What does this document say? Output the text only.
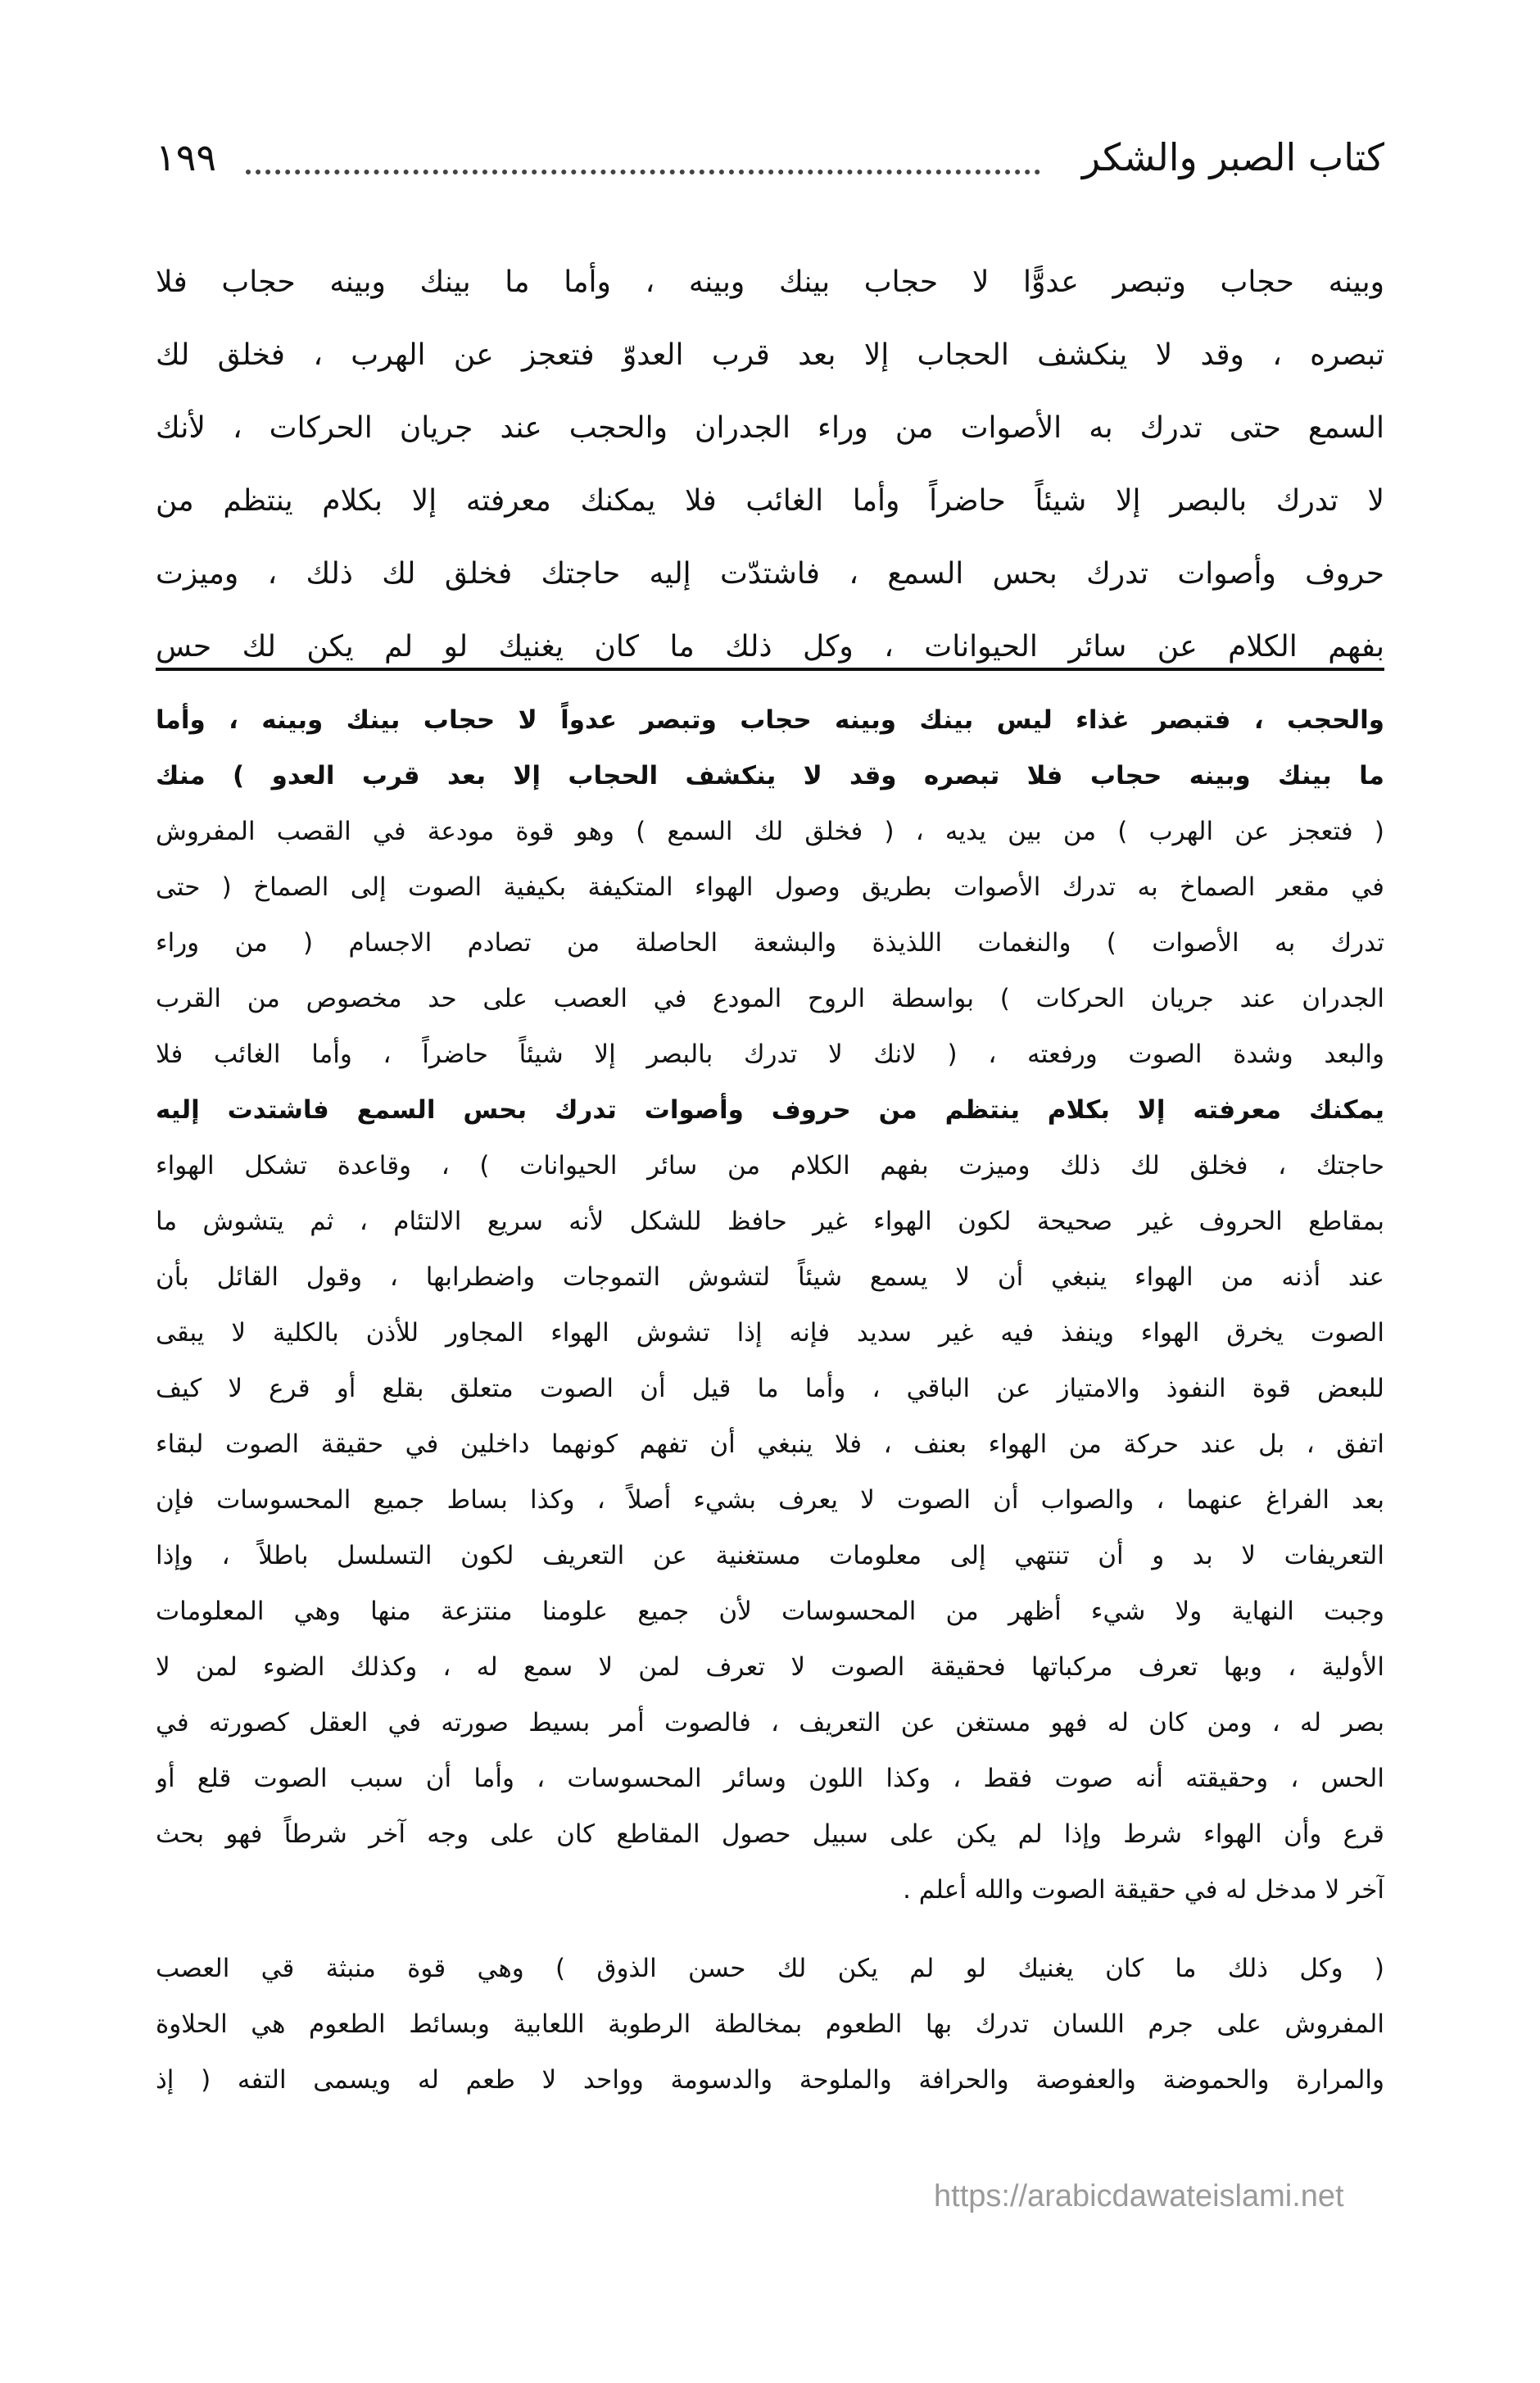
كتاب الصبر والشكر
١٩٩
وبينه حجاب وتبصر عدوًّا لا حجاب بينك وبينه ، وأما ما بينك وبينه حجاب فلا
تبصره ، وقد لا ينكشف الحجاب إلا بعد قرب العدوّ فتعجز عن الهرب ، فخلق لك
السمع حتى تدرك به الأصوات من وراء الجدران والحجب عند جريان الحركات ، لأنك
لا تدرك بالبصر إلا شيئاً حاضراً وأما الغائب فلا يمكنك معرفته إلا بكلام ينتظم من
حروف وأصوات تدرك بحس السمع ، فاشتدّت إليه حاجتك فخلق لك ذلك ، وميزت
بفهم الكلام عن سائر الحيوانات ، وكل ذلك ما كان يغنيك لو لم يكن لك حس
والحجب ، فتبصر غذاء ليس بينك وبينه حجاب وتبصر عدواً لا حجاب بينك وبينه ، وأما
ما بينك وبينه حجاب فلا تبصره وقد لا ينكشف الحجاب إلا بعد قرب العدو ) منك
( فتعجز عن الهرب ) من بين يديه ، ( فخلق لك السمع ) وهو قوة مودعة في القصب المفروش
في مقعر الصماخ به تدرك الأصوات بطريق وصول الهواء المتكيفة بكيفية الصوت إلى الصماخ ( حتى
تدرك به الأصوات ) والنغمات اللذيذة والبشعة الحاصلة من تصادم الاجسام ( من وراء
الجدران عند جريان الحركات ) بواسطة الروح المودع في العصب على حد مخصوص من القرب
والبعد وشدة الصوت ورفعته ، ( لانك لا تدرك بالبصر إلا شيئاً حاضراً ، وأما الغائب فلا
يمكنك معرفته إلا بكلام ينتظم من حروف وأصوات تدرك بحس السمع فاشتدت إليه
حاجتك ، فخلق لك ذلك وميزت بفهم الكلام من سائر الحيوانات ) ، وقاعدة تشكل الهواء
بمقاطع الحروف غير صحيحة لكون الهواء غير حافظ للشكل لأنه سريع الالتئام ، ثم يتشوش ما
عند أذنه من الهواء ينبغي أن لا يسمع شيئاً لتشوش التموجات واضطرابها ، وقول القائل بأن
الصوت يخرق الهواء وينفذ فيه غير سديد فإنه إذا تشوش الهواء المجاور للأذن بالكلية لا يبقى
للبعض قوة النفوذ والامتياز عن الباقي ، وأما ما قيل أن الصوت متعلق بقلع أو قرع لا كيف
اتفق ، بل عند حركة من الهواء بعنف ، فلا ينبغي أن تفهم كونهما داخلين في حقيقة الصوت لبقاء
بعد الفراغ عنهما ، والصواب أن الصوت لا يعرف بشيء أصلاً ، وكذا بساط جميع المحسوسات فإن
التعريفات لا بد و أن تنتهي إلى معلومات مستغنية عن التعريف لكون التسلسل باطلاً ، وإذا
وجبت النهاية ولا شيء أظهر من المحسوسات لأن جميع علومنا منتزعة منها وهي المعلومات
الأولية ، وبها تعرف مركباتها فحقيقة الصوت لا تعرف لمن لا سمع له ، وكذلك الضوء لمن لا
بصر له ، ومن كان له فهو مستغن عن التعريف ، فالصوت أمر بسيط صورته في العقل كصورته في
الحس ، وحقيقته أنه صوت فقط ، وكذا اللون وسائر المحسوسات ، وأما أن سبب الصوت قلع أو
قرع وأن الهواء شرط وإذا لم يكن على سبيل حصول المقاطع كان على وجه آخر شرطاً فهو بحث
آخر لا مدخل له في حقيقة الصوت والله أعلم .
( وكل ذلك ما كان يغنيك لو لم يكن لك حسن الذوق ) وهي قوة منبثة قي العصب
المفروش على جرم اللسان تدرك بها الطعوم بمخالطة الرطوبة اللعابية وبسائط الطعوم هي الحلاوة
والمرارة والحموضة والعفوصة والحرافة والملوحة والدسومة وواحد لا طعم له ويسمى التفه ( إذ
https://arabicdawateislami.net
